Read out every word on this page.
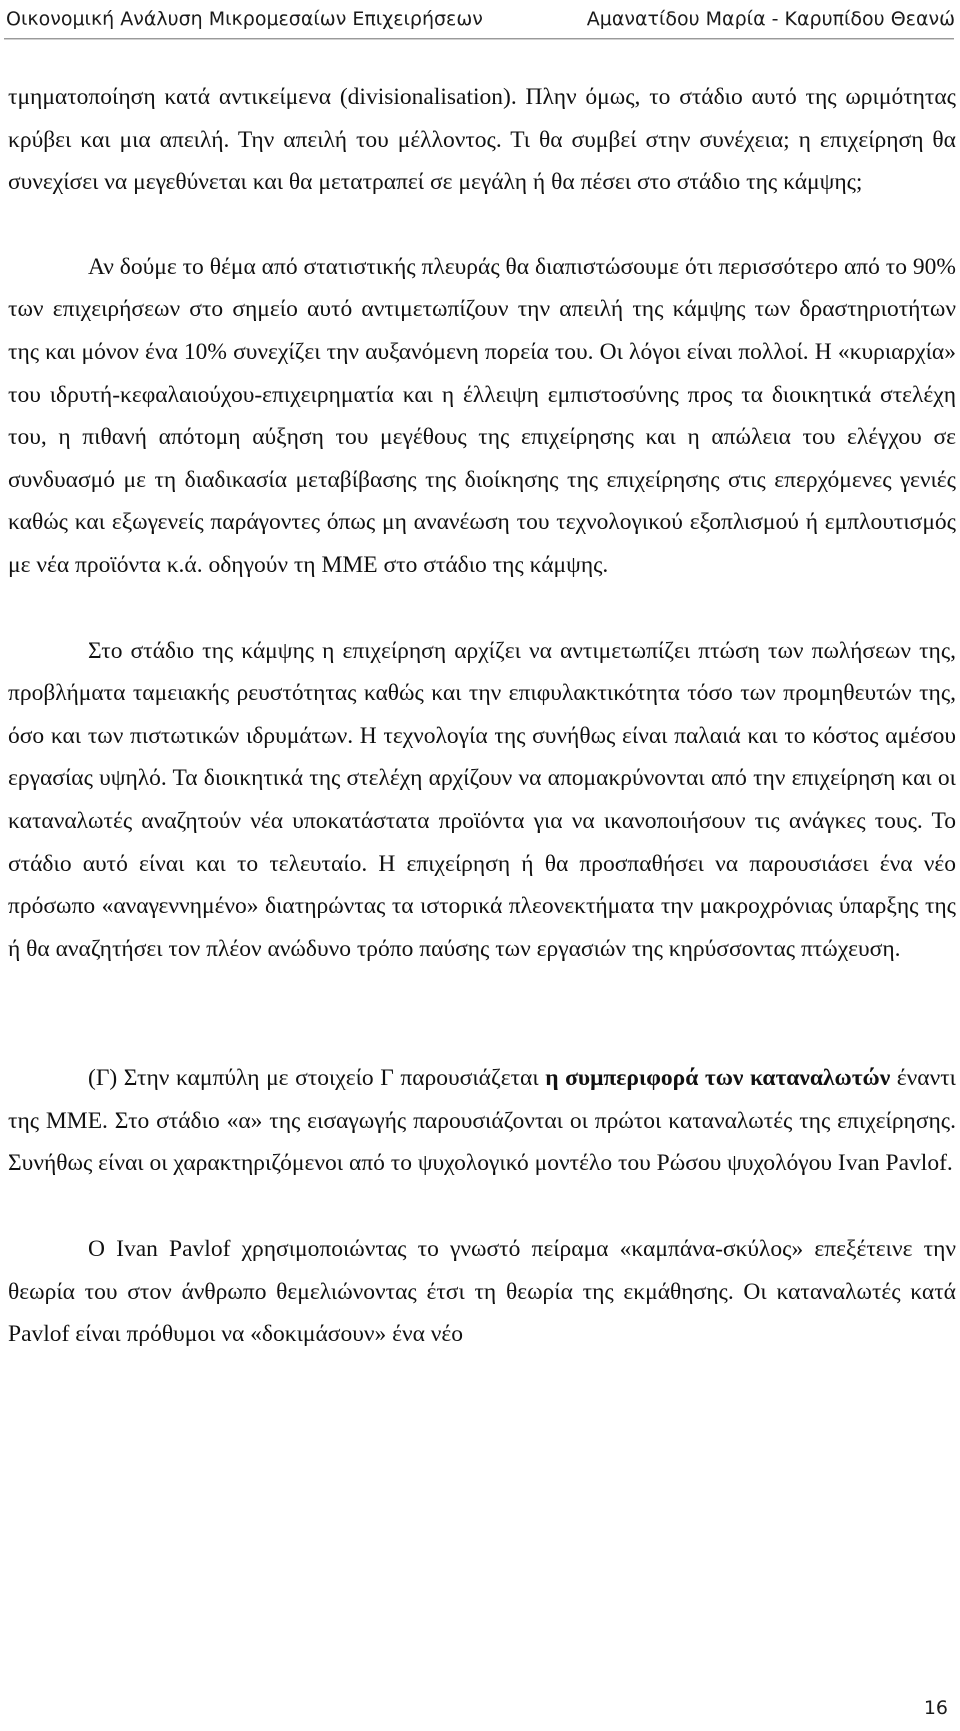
Οικονομική Ανάλυση Μικρομεσαίων Επιχειρήσεων	Αμανατίδου Μαρία - Καρυπίδου Θεανώ

τμηματοποίηση κατά αντικείμενα (divisionalisation). Πλην όμως, το στάδιο αυτό της ωριμότητας κρύβει και μια απειλή. Την απειλή του μέλλοντος. Τι θα συμβεί στην συνέχεια; η επιχείρηση θα συνεχίσει να μεγεθύνεται και θα μετατραπεί σε μεγάλη ή θα πέσει στο στάδιο της κάμψης;

Αν δούμε το θέμα από στατιστικής πλευράς θα διαπιστώσουμε ότι περισσότερο από το 90% των επιχειρήσεων στο σημείο αυτό αντιμετωπίζουν την απειλή της κάμψης των δραστηριοτήτων της και μόνον ένα 10% συνεχίζει την αυξανόμενη πορεία του. Οι λόγοι είναι πολλοί. Η «κυριαρχία» του ιδρυτή-κεφαλαιούχου-επιχειρηματία και η έλλειψη εμπιστοσύνης προς τα διοικητικά στελέχη του, η πιθανή απότομη αύξηση του μεγέθους της επιχείρησης και η απώλεια του ελέγχου σε συνδυασμό με τη διαδικασία μεταβίβασης της διοίκησης της επιχείρησης στις επερχόμενες γενιές καθώς και εξωγενείς παράγοντες όπως μη ανανέωση του τεχνολογικού εξοπλισμού ή εμπλουτισμός με νέα προϊόντα κ.ά. οδηγούν τη ΜΜΕ στο στάδιο της κάμψης.

Στο στάδιο της κάμψης η επιχείρηση αρχίζει να αντιμετωπίζει πτώση των πωλήσεων της, προβλήματα ταμειακής ρευστότητας καθώς και την επιφυλακτικότητα τόσο των προμηθευτών της, όσο και των πιστωτικών ιδρυμάτων. Η τεχνολογία της συνήθως είναι παλαιά και το κόστος αμέσου εργασίας υψηλό. Τα διοικητικά της στελέχη αρχίζουν να απομακρύνονται από την επιχείρηση και οι καταναλωτές αναζητούν νέα υποκατάστατα προϊόντα για να ικανοποιήσουν τις ανάγκες τους. Το στάδιο αυτό είναι και το τελευταίο. Η επιχείρηση ή θα προσπαθήσει να παρουσιάσει ένα νέο πρόσωπο «αναγεννημένο» διατηρώντας τα ιστορικά πλεονεκτήματα την μακροχρόνιας ύπαρξης της ή θα αναζητήσει τον πλέον ανώδυνο τρόπο παύσης των εργασιών της κηρύσσοντας πτώχευση.

(Γ) Στην καμπύλη με στοιχείο Γ παρουσιάζεται η συμπεριφορά των καταναλωτών έναντι της ΜΜΕ. Στο στάδιο «α» της εισαγωγής παρουσιάζονται οι πρώτοι καταναλωτές της επιχείρησης. Συνήθως είναι οι χαρακτηριζόμενοι από το ψυχολογικό μοντέλο του Ρώσου ψυχολόγου Ivan Pavlof.

Ο Ivan Pavlof χρησιμοποιώντας το γνωστό πείραμα «καμπάνα-σκύλος» επεξέτεινε την θεωρία του στον άνθρωπο θεμελιώνοντας έτσι τη θεωρία της εκμάθησης. Οι καταναλωτές κατά Pavlof είναι πρόθυμοι να «δοκιμάσουν» ένα νέο

16
